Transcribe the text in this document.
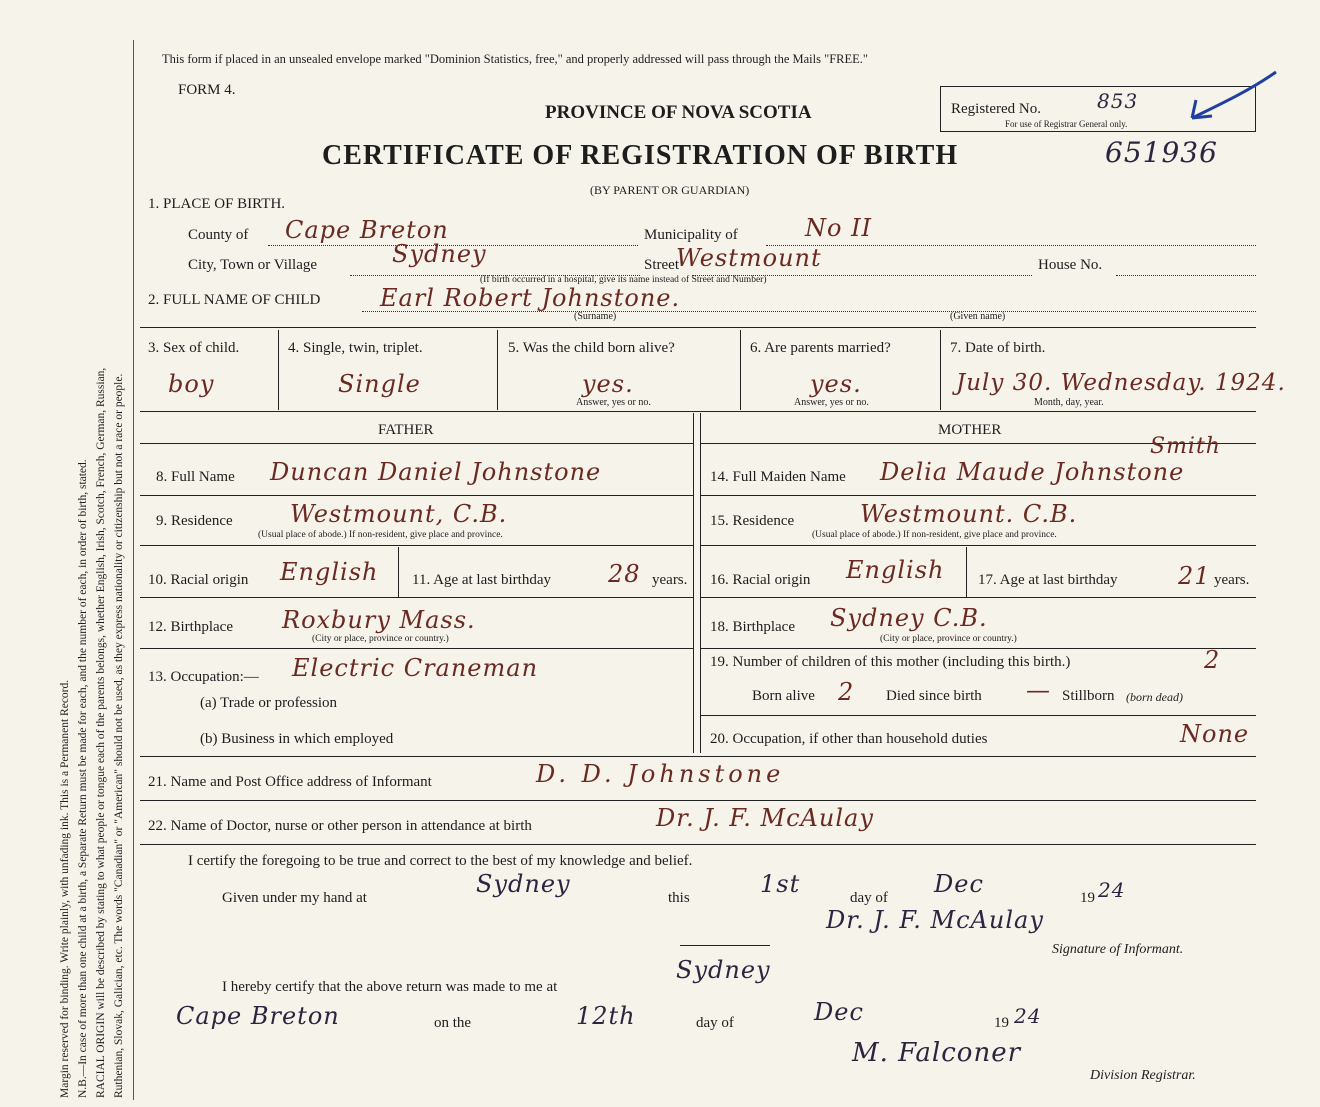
Margin reserved for binding. Write plainly, with unfading ink. This is a Permanent Record. N.B.—In case of more than one child at a birth, a Separate Return must be made for each, and the number of each, in order of birth, stated. RACIAL ORIGIN will be described by stating to what people or tongue each of the parents belongs, whether English, Irish, Scotch, French, German, Russian, Ruthenian, Slovak, Galician, etc. The words "Canadian" or "American" should not be used, as they express nationality or citizenship but not a race or people.
This form if placed in an unsealed envelope marked "Dominion Statistics, free," and properly addressed will pass through the Mails "FREE."
FORM 4.
PROVINCE OF NOVA SCOTIA
CERTIFICATE OF REGISTRATION OF BIRTH
(BY PARENT OR GUARDIAN)
Registered No.	853
For use of Registrar General only.
651936
1. PLACE OF BIRTH.
County of Cape Breton	Municipality of	No II
City, Town or Village	Sydney	Street
Westmount	House No.
(If birth occurred in a hospital, give its name instead of Street and Number)
2. FULL NAME OF CHILD Earl Robert Johnstone.
(Surname)	(Given name)
3. Sex of child.
boy
4. Single, twin, triplet.
Single
5. Was the child born alive?
yes.
Answer, yes or no.
6. Are parents married?
yes.
Answer, yes or no.
7. Date of birth.
July 30. Wednesday. 1924.
Month, day, year.
FATHER	MOTHER
8. Full Name Duncan Daniel Johnstone	14. Full Maiden Name Delia Maude Johnstone
Smith
9. Residence Westmount, C.B.
(Usual place of abode.) If non-resident, give place and province.
15. Residence	Westmount. C.B.
(Usual place of abode.) If non-resident, give place and province.
10. Racial origin English 11. Age at last birthday 28 years. 16. Racial origin English 17. Age at last birthday	21 years.
12. Birthplace Roxbury Mass.
(City or place, province or country.)
18. Birthplace Sydney C.B.
(City or place, province or country.)
13. Occupation:— Electric Craneman
(a) Trade or profession
(b) Business in which employed
19. Number of children of this mother (including this birth.)	2
Born alive 2 Died since birth — Stillborn (born dead)
20. Occupation, if other than household duties	None
21. Name and Post Office address of Informant	D. D. Johnstone
22. Name of Doctor, nurse or other person in attendance at birth	Dr. J. F. McAulay
I certify the foregoing to be true and correct to the best of my knowledge and belief.
Given under my hand at	Sydney	this	1st	day of Dec	19 24
Dr. J. F. McAulay
Signature of Informant.
I hereby certify that the above return was made to me at
Sydney
Cape Breton	on the	12th	day of	Dec	19 24
M. Falconer
Division Registrar.
